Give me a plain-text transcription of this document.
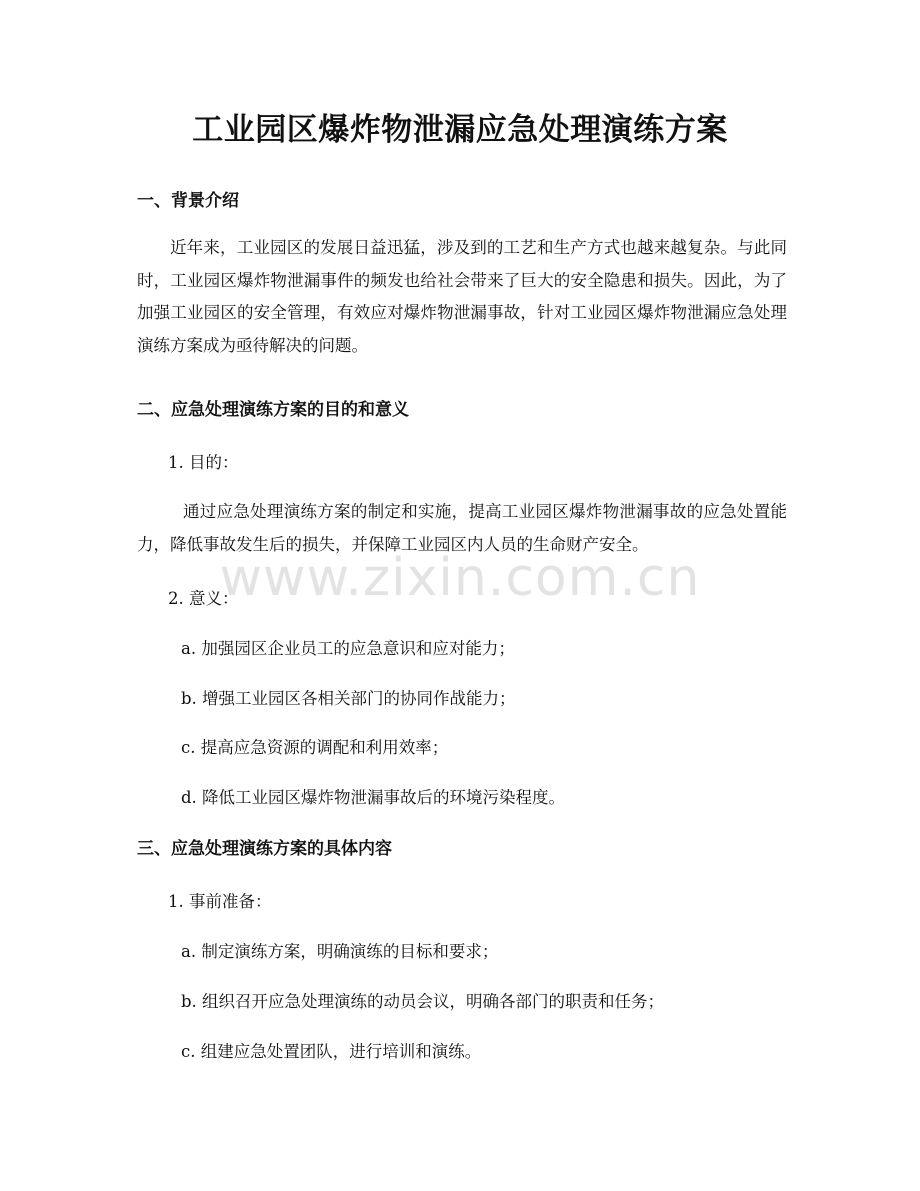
www.zixin.com.cn
工业园区爆炸物泄漏应急处理演练方案
一、背景介绍
近年来，工业园区的发展日益迅猛，涉及到的工艺和生产方式也越来越复杂。与此同时，工业园区爆炸物泄漏事件的频发也给社会带来了巨大的安全隐患和损失。因此，为了加强工业园区的安全管理，有效应对爆炸物泄漏事故，针对工业园区爆炸物泄漏应急处理演练方案成为亟待解决的问题。
二、应急处理演练方案的目的和意义
1. 目的：
通过应急处理演练方案的制定和实施，提高工业园区爆炸物泄漏事故的应急处置能力，降低事故发生后的损失，并保障工业园区内人员的生命财产安全。
2. 意义：
a. 加强园区企业员工的应急意识和应对能力；
b. 增强工业园区各相关部门的协同作战能力；
c. 提高应急资源的调配和利用效率；
d. 降低工业园区爆炸物泄漏事故后的环境污染程度。
三、应急处理演练方案的具体内容
1. 事前准备：
a. 制定演练方案，明确演练的目标和要求；
b. 组织召开应急处理演练的动员会议，明确各部门的职责和任务；
c. 组建应急处置团队，进行培训和演练。
